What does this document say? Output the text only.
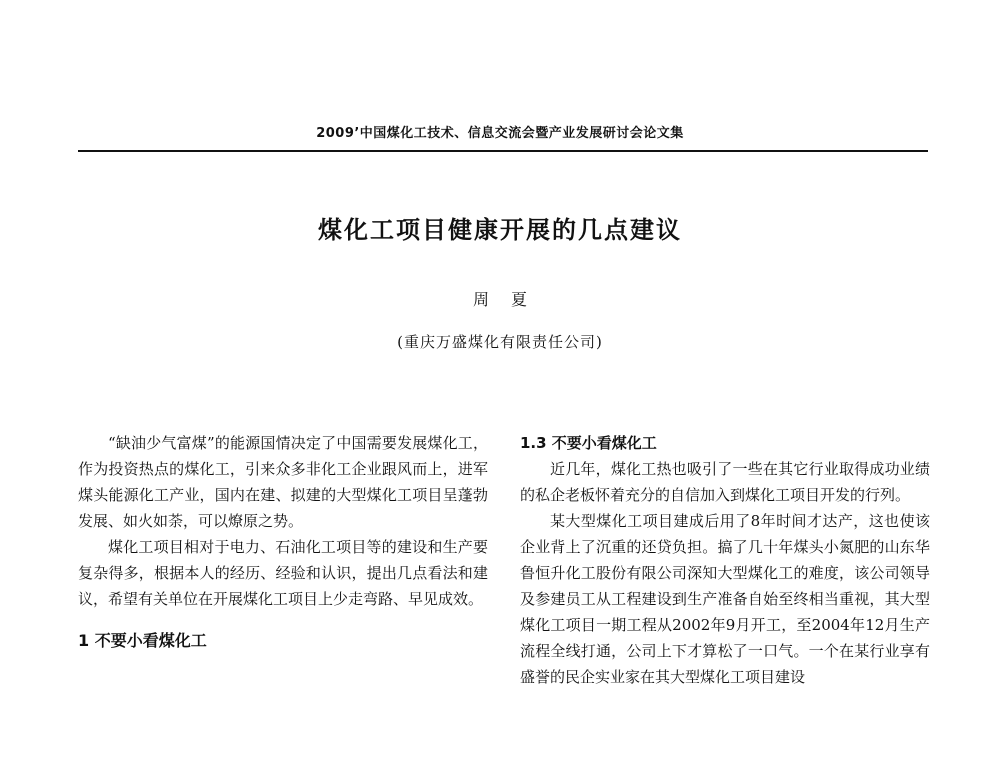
2009’中国煤化工技术、信息交流会暨产业发展研讨会论文集
煤化工项目健康开展的几点建议
周夏
(重庆万盛煤化有限责任公司)

“缺油少气富煤”的能源国情决定了中国需要发展煤化工，作为投资热点的煤化工，引来众多非化工企业跟风而上，进军煤头能源化工产业，国内在建、拟建的大型煤化工项目呈蓬勃发展、如火如荼，可以燎原之势。

煤化工项目相对于电力、石油化工项目等的建设和生产要复杂得多，根据本人的经历、经验和认识，提出几点看法和建议，希望有关单位在开展煤化工项目上少走弯路、早见成效。

1 不要小看煤化工
1.3 不要小看煤化工

近几年，煤化工热也吸引了一些在其它行业取得成功业绩的私企老板怀着充分的自信加入到煤化工项目开发的行列。

某大型煤化工项目建成后用了8年时间才达产，这也使该企业背上了沉重的还贷负担。搞了几十年煤头小氮肥的山东华鲁恒升化工股份有限公司深知大型煤化工的难度，该公司领导及参建员工从工程建设到生产准备自始至终相当重视，其大型煤化工项目一期工程从2002年9月开工，至2004年12月生产流程全线打通，公司上下才算松了一口气。一个在某行业享有盛誉的民企实业家在其大型煤化工项目建设
